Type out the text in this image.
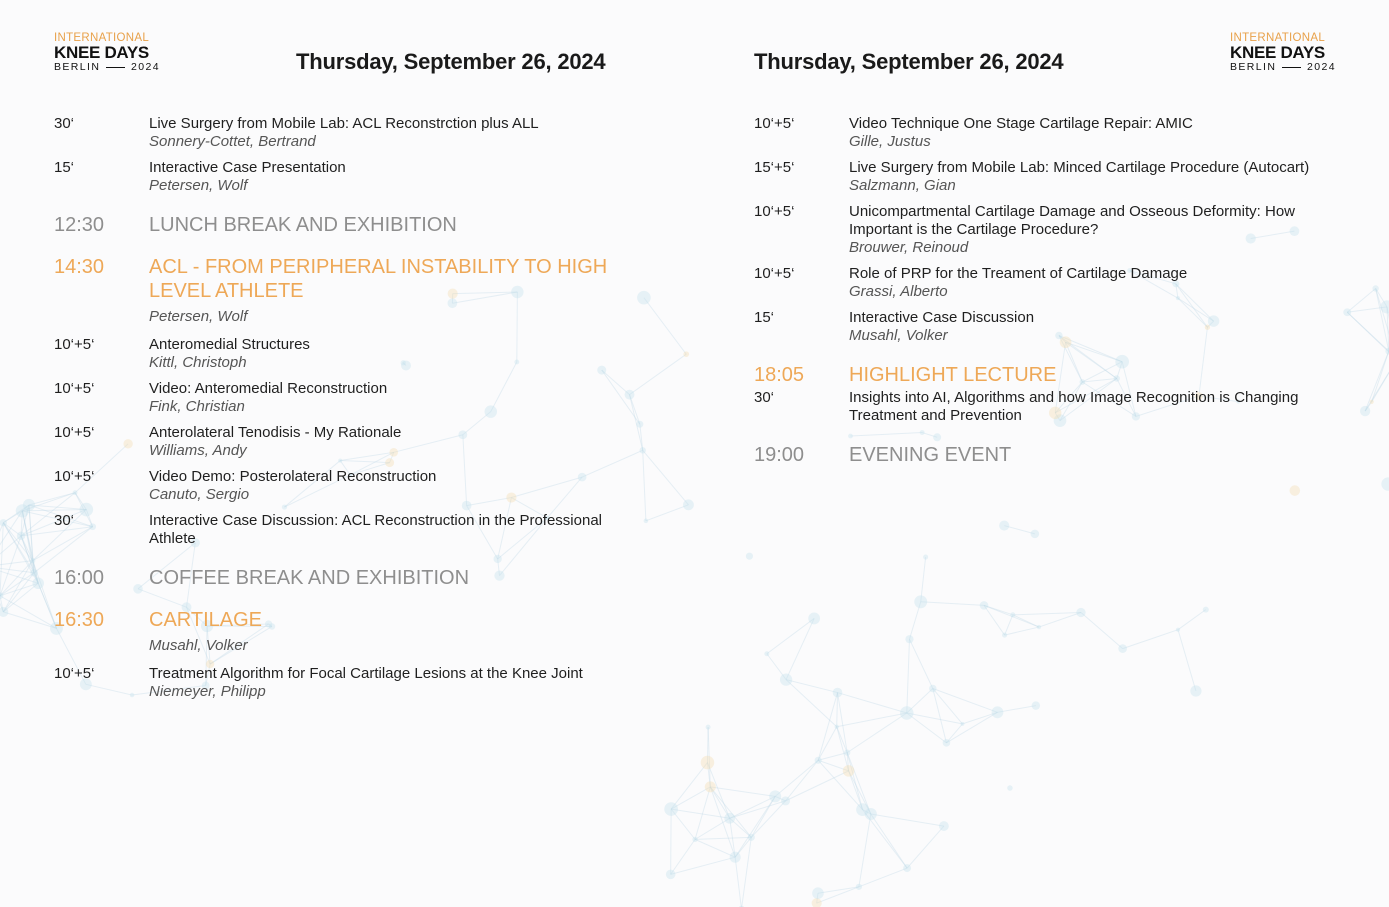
INTERNATIONAL
KNEE DAYS
BERLIN	2024	Thursday, September 26, 2024	Thursday, September 26, 2024
INTERNATIONAL
KNEE DAYS
BERLIN	2024
30‘	Live Surgery from Mobile Lab: ACL Reconstrction plus ALL
Sonnery-Cottet, Bertrand
15‘	Interactive Case Presentation
Petersen, Wolf
12:30	LUNCH BREAK AND EXHIBITION
14:30	ACL - FROM PERIPHERAL INSTABILITY TO HIGH LEVEL ATHLETE
Petersen, Wolf
10‘+5‘	Anteromedial Structures
Kittl, Christoph
10‘+5‘	Video: Anteromedial Reconstruction
Fink, Christian
10‘+5‘	Anterolateral Tenodisis - My Rationale
Williams, Andy
10‘+5‘	Video Demo: Posterolateral Reconstruction
Canuto, Sergio
30‘	Interactive Case Discussion: ACL Reconstruction in the Professional Athlete
16:00	COFFEE BREAK AND EXHIBITION
16:30	CARTILAGE
Musahl, Volker
10‘+5‘	Treatment Algorithm for Focal Cartilage Lesions at the Knee Joint
Niemeyer, Philipp
10‘+5‘	Video Technique One Stage Cartilage Repair: AMIC
Gille, Justus
15‘+5‘	Live Surgery from Mobile Lab: Minced Cartilage Procedure (Autocart)
Salzmann, Gian
10‘+5‘	Unicompartmental Cartilage Damage and Osseous Deformity: How Important is the Cartilage Procedure?
Brouwer, Reinoud
10‘+5‘	Role of PRP for the Treament of Cartilage Damage
Grassi, Alberto
15‘	Interactive Case Discussion
Musahl, Volker
18:05	HIGHLIGHT LECTURE
30‘	Insights into AI, Algorithms and how Image Recognition is Changing Treatment and Prevention
19:00	EVENING EVENT
